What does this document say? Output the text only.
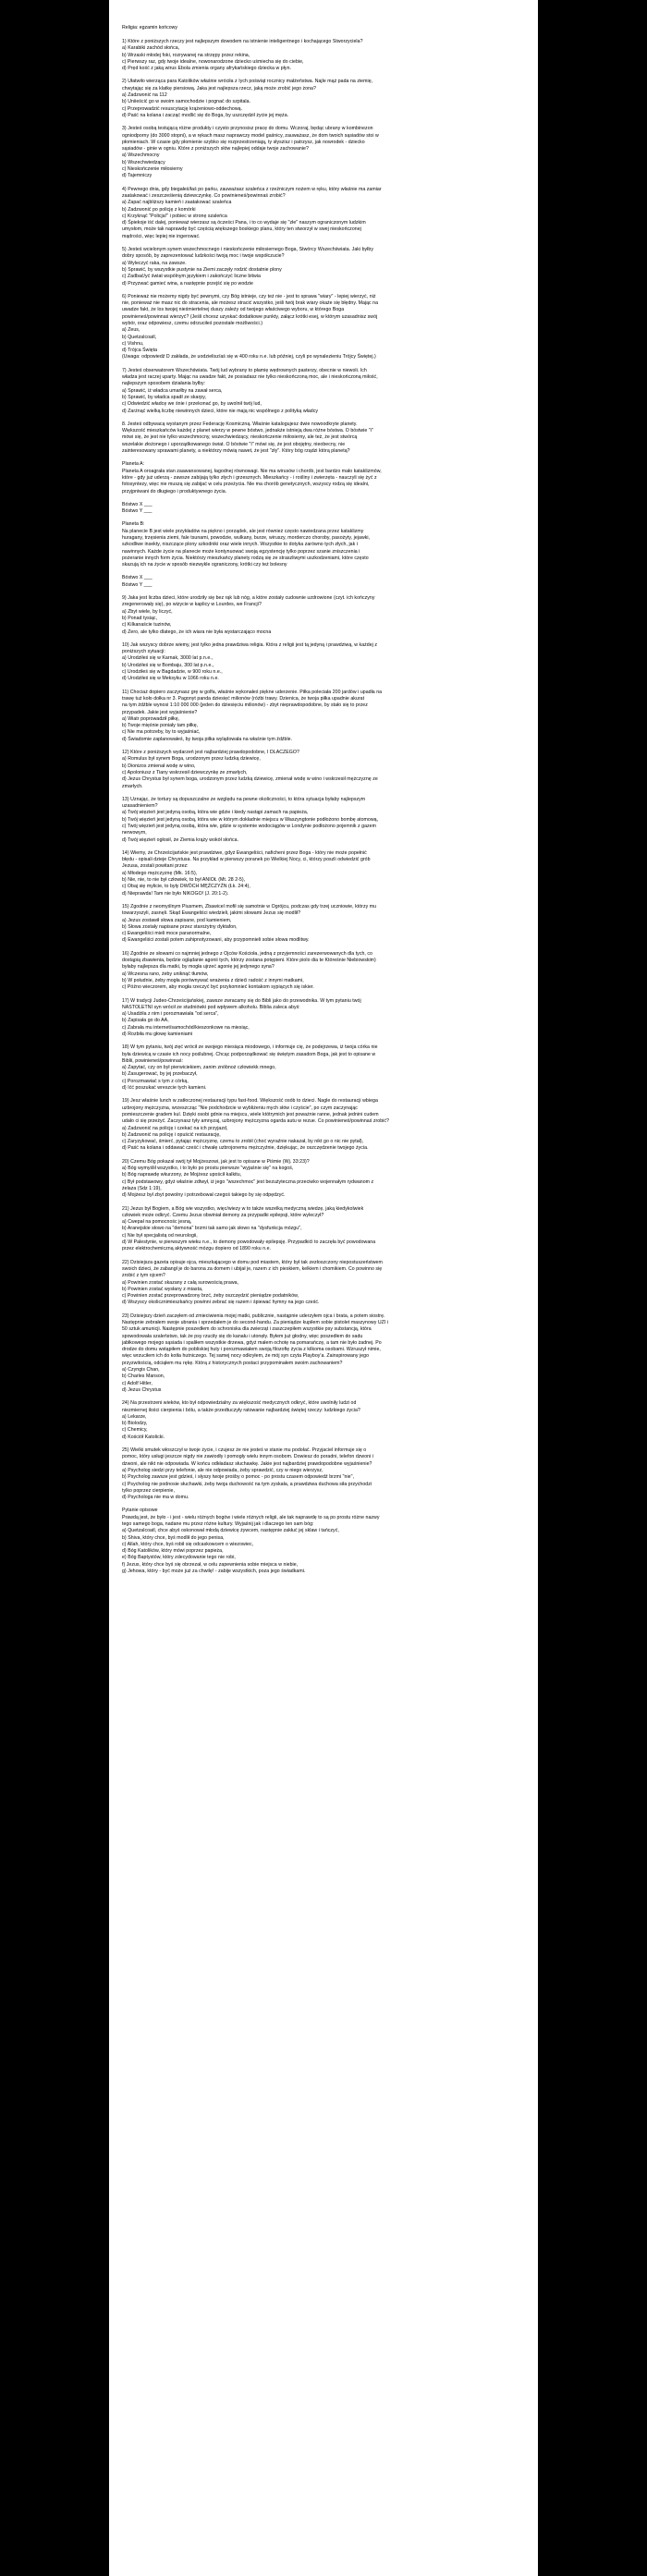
Religia: egzamin końcowy

1) Które z poniższych rzeczy jest najlepszym dowodem na istnienie inteligentnego i kochającego Stworzyciela?

a) Karabiki zachód słońca,

b) Wrzaski młodej foki, rozrywanej na strzępy przez rekina,

c) Pierwszy raz, gdy twoje idealne, nowonarodzone dziecko uśmiecha się do ciebie,

d) Pręd kość z jaką wirus Ebola zmienia organy afrykańskiego dziecka w płyn.

2) Ułatwiło wierząca para Katolików właśnie wróciła z Iych poświąt rocznicy małżeństwa. Najle mąż pada na ziemię,

chwytając się za klatkę piersiową. Jaka jest najlepsza rzecz, jaką może zrobić jego żona?

a) Zadzwonić na 112

b) Uniieścić go w swoim samochodzie i pognać do szpitala.

c) Przeprowadzić resuscytację krążeniowo-oddechową.

d) Paść na kolana i zacząć modlić się do Boga, by uszczędził życie jej męża.

3) Jesteś osobą testującą różne produkty i czysto przynosisz pracę do domu. Wczoraj, będąc ubrany w kombinezon

ogniodporny (do 3000 stopni), a w rękach masz naprawczy model gaśnicy, zauważasz, że dom twoich sąsiadów stoi w

płomieniach. W czasie gdy płomienie szybko się rozprzestrzeniają, ty słyszisz i patrzysz, jak nowrodek - dziecko

sąsiadów - ginie w ogniu. Które z poniższych słów najlepiej oddaje twoje zachowanie?

a) Wszechmocny

b) Wszechwiedzący

c) Nieskończenie miłosierny

d) Tajemniczy

4) Pewnego dnia, gdy biegałeś/łaś po parku, zauważasz szaleńca z rzeźniczym nożem w ręku, który właśnie ma zamiar

zaatakować i zeszcześienią dziewczynkę. Co powinieneś/powinnaś zrobić?

a) Zapać najbliższy kamień i zaatakować szaleńca

b) Zadzwonić po policję z komórki

c) Krzyknąć "Policja!" i pobiec w stronę szaleńca

d) Śpiekoje iść dalej, ponieważ wierzasz są ócześci Pana, i to co wydaje się "złe" naszym ograniczonym ludzkim

umysłom, może tak naprawdę być częścią większego boskiego planu, który ten stworzył w swej nieskończonej

mądrości, więc lepiej nie ingerować.

5) Jesteś wcielonym synem wszechmocnego i nieskończenie miłosiernego Boga, Stwórcy Wszechświata. Jaki byłby

dobry sposób, by zaprezentować ludzkości twoją moc i twoje współczucie?

a) Wyleczyć raka, na zawsze.

b) Sprawić, by wszystkie pustynie na Ziemi zaczęły rodzić dostatnie plony

c) Zadbać/yć świat wspólnym językiem i zakończyć liczne bitwia

d) Przyzwać gamieć wina, a następnie przejść się po wodzie

6) Ponieważ nie możemy nigdy być pewnymi, czy Bóg istnieje, czy też nie - jest to sprawa "wiary" - lepiej wierzyć, niż

nie, ponieważ nie masz nic do stracenia, ale możesz stracić wszystko, jeśli twój brak wiary okaże się błędny. Mając na

uwadze fakt, że los twojej nieśmiertelnej duszy zależy od twojego właściwego wyboru, w którego Boga

powinieneś/powinnaś wierzyć? (Jeśli chcesz uzyskać dodatkowe punkty, załącz krótki esej, w którym uzasadnisz swój

wybór, oraz odpowiesz, czemu odrzuciłeś pozostałe możliwości.)

a) Zeus,

b) Quetzalcoatl,

c) Vishnu,

d) Trójca Święta

(Uwaga: odpowiedź D zakłada, że uodzielisz/aś się w 400 roku n.e. lub później, czyli po wynalezieniu Trójcy Świętej.)

7) Jesteś obserwatorem Wszechświata. Twój lud wybrany to płamię wędrownych pasterzy, obecnie w niewoli. Ich

władza jest raczej uparty. Mając na uwadze fakt, że posiadasz nie tylko nieskończoną moc, ale i nieskończoną miłość,

najlepszym sposobem działania byłby:

a) Sprawić, iż władca umarłby na zawał serca,

b) Sprawić, by władca spadł ze skarpy,

c) Odwiedzić władcę we śnie i przekonać go, by uwolnił twój lud,

d) Zarżnąć wielką liczbę niewinnych dzieci, które nie mają nic wspólnego z polityką władcy

8. Jesteś odbywacą wystanym przez Federację Kosmiczną. Właśnie katalogujesz dwie nowoodkryte planety.

Większość mieszkańców każdej z planet wierzy w pewne bóstwo, jednakże istnieją dwa różne bóstwa. O bóstwie "i"

mówi się, że jest nie tylko wszechmocny, wszechwiedzący, nieskończenie miłosierny, ale też, że jest stwórcą

wszelakie złożonego i uporządkowanego świat. O bóstwie "I" mówi się, że jest obojętny, nieobecny, nie

zainteresowany sprawami planety, a niektórzy mówią nawet, że jest "zły". Który bóg rządzi którą planetą?

Planeta A:

Planeta A oroagrała stan zaawansowanej, łagodnej równowagi. Nie ma wirusów i chorób, jest bardzo mało kataklizmów,

które - gdy już uderzą - zawsze zabijają tylko złych i grzesznych. Mieszkańcy - i rośliny i zwierzęta - nauczyli się żyć z

fotosyntezy, więc nie muszą się zabijać w celu przeżycia. Nie ma chorób genetycznych, wszyscy rodzą się idealni,

przyjpniwani do długiego i produktywnego życia.

Bóstwo X ___

Bóstwo Y ___

Planeta B:

Na planecie B jest wiele przykładów na piękno i porządek, ale jest również często nawiedzana przez kataklizmy

huragany, trzęsienia ziemi, fale tsunami, powodzie, wulkany, burze, wiruszy, morderczo choroby, pasożyty, jejawki,

szkodliwe insekty, niszczące plony szkodniki oraz wiele innych. Wszystkie to dotyka zarówno tych złych, jak i

nawinnych. Każde życie na planecie może kontynuować swoją egzystencję tylko poprzez szanie zniszczenia i

pożeranie innych form życia. Niektórzy mieszkańcy planety rodzą się ze straszliwymi uszkodzeniami, które często

skazują ich na życie w sposób niezwykle ograniczony, krótki czy też bolesny

Bóstwo X ___

Bóstwo Y ___

9) Jaka jest liczba dzieci, które urodziły się bez rąk lub nóg, a które zostały cudownie uzdrowione (czyt. ich kończyny

zregenerowały się), po wizycie w kaplicy w Lourdes, we Francji?

a) Zbyt wiele, by liczyć,

b) Ponad tysiąc,

c) Kilkanaście tuzinów,

d) Zero, ale tylko dlatego, że ich wiara nie była wystarczająco mocna

10) Jak wszyscy dobrze wiemy, jest tylko jedna prawdziwa religia. Która z religii jest tą jedyną i prawdziwą, w każdej z

poniższych sytuacji:

a) Urodziłeś się w Karnak, 3000 lat p.n.e.,

b) Urodziłeś się w Bombaju, 300 lat p.n.e.,

c) Urodziłeś się w Bagdadzie, w 900 roku n.e.,

d) Urodziłeś się w Meksyku w 1066 roku n.e.

11) Chociaż dopiero zaczynasz grę w golfa, właśnie wykonałeś piękne uderzenie. Piłka poleciała 200 jardów i upadła na

trawę tuż koło dołka nr 3. Pagonyt panda dziesięć milionów (różbi trawy. Dzienica, że twoja piłka upadnie akurat

na tym źdźble wynosi 1:10 000 000 (jeden do dziesięciu milionów) - zbyt nieprawdopodobne, by stało się to przez

przypadek. Jakie jest wyjaśnienie?

a) Wiatr poprowadził piłkę,

b) Twoje mięśnie poniały tam piłkę,

c) Nie ma potrzeby, by to wyjaśniać,

d) Świadomie zaplanowałeś, by twoja piłka wylądowała na właśnie tym źdźble.

12) Które z poniższych wydarzeń jest najbardziej prawdopodobne, I DLACZEGO?

a) Romulus był synem Boga, urodzonym przez ludzką dziewicę,

b) Dionizos zmienał wodę w wino,

c) Apoloniusz z Tiany wskrzesił dziewczynkę ze zmarłych,

d) Jezus Chrystus był synem boga, urodzonym przez ludzką dziewicę, zmienał wodę w wino i wskrzesił mężczyznę ze

zmarłych.

13) Uznając, że tortury są dopuszczalne ze względu na pewne okoliczności, to która sytuacja byłaby najlepszym

uzasadnieniem?

a) Twój więzień jest jedyną osobą, która wie gdzie i kiedy nastąpi zamach na papieża,

b) Twój więzień jest jedyną osobą, która wie w którym dokładnie miejscu w Waszyngtonie podłożono bombę atomową,

c) Twój więzień jest jedyną osobą, która wie, gdzie w systemie wodociągów w Londynie podłożono pojemnik z gazem

nerwowym,

d) Twój więzień ogłosił, że Ziemia krąży wokół słońca.

14) Wiemy, że Chrześcijańskie jest prawdziwe, gdyż Ewangeliści, naficheni przez Boga - który nie może popełnić

błędu - opisali dzieje Chrystusa. Na przykład w pierwszy poranek po Wielkiej Nocy, ci, którzy poszli odwiedzić grób

Jezusa, zostali powitani przez:

a) Młodego mężczyznę (Mk. 16:5),

b) Nie, nie, to nie był człowiek, to był ANIOŁ (Mt. 28 2-5),

c) Obaj się mylicie, to były DWÓCH MĘŻCZYŹN (Łk. 24:4),

d) Nieprawda! Tam nie było NIKOGO! (J. 20:1-2).

15) Zgodnie z neomyślnym Piusmem, Zbawicel mofił się samotnie w Ogrójcu, podczas gdy trzej uczniowie, którzy mu

towarzyszyli, zasnęli. Skąd Ewangeliści wiedzieli, jakimi słowami Jezus się modlił?

a) Jezus zostawił słowa zapisane, pod kamieniem,

b) Słowa zostały napisane przez starożytny dyktafon,

c) Ewangeliści mieli moce paranormalne,

d) Ewangeliści zostali potem zahipnotyzowani, aby przypomnieli sobie słowa modlitwy.

16) Zgodnie ze słowami co najmniej jednego z Ojców Kościoła, jedną z przyjemności zarezerwowanych dla tych, co

dostąpią zbawienia, będzie oglądanie agonii tych, którzy zostana potępieni. Które piolo dia te Któreśnie Niebiowskim)

byłaby najlepsza dla matki, by mogła ujrzeć agonię jej jedynego syna?

a) Wczesna rano, żeby uniknąć tłumów,

b) W południe, żeby mogła porównywać wrażenia z dzieći radość z innymi matkami,

c) Późno wieczorem, aby mogła rzeczyć być przykomnieć kontakom sypiących się iskier.

17) W tradycji Judeo-Chrześcijańskiej, zawsze zwracamy się do Bibli jako do przewodnika. W tym pytaniu twój

NASTOLETNI syn wrócił ze studniówki pod wpływem alkoholu. Biblia zaleca abyś:

a) Usadżiła z nim i porozmawiała "od serca",

b) Zapisała go do AA,

c) Zabrała mu internet/samochód/kieszonkowe na miesiąc,

d) Rozbiła mu głowę kamieniami

18) W tym pytaniu, twój zięć wrócił ze swojego miesiąca miodowego, i informuje cię, że podejrzewa, iż twoja córka nie

była dziewicą w czasie ich nocy poślubnej. Chcąc podporządkować się świętym zasadom Boga, jak jest to opisane w

Biblii, powinieneś/powinnaś:

a) Zapytać, czy on był pierwiciekiem, zanim znóbnoż człowiekk mnego,

b) Zasugerować, by jej przebaczył,

c) Porozmawiać s tym z córką,

d) Ićć poszukać wreszcie tych kamieni.

19) Jesz właśnie lunch w zatłoczonej restauracji typu fast-food. Większość osób to dzieci. Nagle do restauracji wbiega

uzbrojony mężczyzna, wrzeszcząc "Nie podchodzcie w wybliżeniu mych słów i czyście", po czym zaczynając

pomieszczenie gradem kul. Dzięki osobi gdnie na miejscu, wiele któtrymich jest poważnie ranne, jednak jednini cudem

udało ci się przeżyć. Zaczynasz tyły amnyzaj, uzbrojony mężczyzna ogarda autu w rezue. Co powinieneś/powinnaś zrobić?

a) Zadzwonić na policję i czekać na ich przyjazd,

b) Zadzwonić na policję i opuścić restaurację,

c) Zaryzykować, śmierć, pytając mężczyznę, czemu to zrobił (choć wyraźnie nakazał, by nikt go o nic nie pytał),

d) Paść na kolana i oddawać cześć i chwałę uzbrojonemu mężczyźnie, dziękując, że oszczędzenie twojego życia.

20) Czemu Bóg pokazał swój tył Mojżeszowi, jak jest to opisane w Piśmie (Wj. 33:23)?

a) Bóg wymyślił wszystko, i to było po prostu pierwsze "wyjaśnie się" na kogoś,

b) Bóg naprawdę wkurzony, że Mojżesz upościł kalkitu,

c) Był podstawowy, gdyż właśnie zdtwył, iż jego "wszechmoc" jest bezużyteczna przeciwko wojennałym rydwanom z

żelaza (Sdz 1:19),

d) Mojżesz był zbyt powolny i potrzebował czegoś takiego by się odpędzyć.

21) Jezus był Bogiem, a Bóg wie wszystko, więc/wiezy w to także wszelką medyczną wiedzę, jaką kiedykolwiek

człowiek może odkryć. Czemu Jezus obwiniał demony za przypadki epilepsji, które wyleczył?

a) Cwepał na pomocnośc jesną,

b) Aranejskie słowo na "demona" brzmi tak samo jak słowo na "dysfunkcja mózgu",

c) Nie był specjalistą od neurologii,

d) W Palestynie, w pierwszym wieku n.e., to demony powodowały epilepsję. Przypadkići to zaczęła być powodowana

przez elektrochemiczną aktywność mózgu dopiero od 1890 roku n.e.

22) Dzisiejsza gazeta opisuje ojca, mieszkającego w domu pod miastem, który był tak zezłoszczony niepostuszeństwem

swoich dzieci, że zabangł je do barona za domem i ubijał je, razem z ich pieskiem, kelkiem i chomikiem. Co powinno się

zrobić z tym ojcem?

a) Powinien zostać skazany z całą surowością prawa,

b) Powinien zostać wysłany z miasta,

c) Powinien zostać przeprowadzony brzć, żeby oszczędzić pieniądze podatników,

d) Wszyscy okolicznimieszkańcy powinni zebrać się razem i śpiewać hymny na jego cześć.

23) Dzisiejszy dzień zaczęłem od zmieciwienia mojej matki, publicznie, nastąpnie uderzyłem ojca i brata, a potem siostrę.

Następnie zebrałem swoje ubrania i sprzedałem je do second-handu. Za pieniądze kupiłem sobie pistolet maszynowy UZI i

50 sztuk amunicji. Następnie poszedłem do schroniska dla zwierząt i zaszczepiłem wszystkie psy substancją, która

spowodowała szaleństwo, tak że psy rzuciły się do kanału i utonęły. Byłem już głodny, więc poszedłem do sadu

jabłkowego mojego sąsiada i spaliłem wszystkie drzewa, gdyż małem ochotę na pomarańczę, a tam nie było żadnej. Po

drodze do domu wstąpiłem do pobliskiej huty i porozmawiałem swoją filozofię życia z kilkoma osobami. Wzruszył nimie,

więc wrzuciłem ich do kotła hutniczego. Tej samej nocy odkryłem, że mój syn czyta Playboy'a. Zainspirowany jego

przyzwitością, odciąłem mu rękę. Którą z historycznych postaci przypominałem swoim zachowaniem?

a) Czyngis Chan,

b) Charles Manson,

c) Adolf Hitler,

d) Jezus Chrystus

24) Na przestrzeni wieków, kto był odpowiedzialny za większość medycznych odkryć, które uwolniły ludzi od

niezmiernej ilości cierpienia i bólu, a także przedtuczyły ratowanie najbardziej świętej rzeczy: ludzkiego życia?

a) Lekarze,

b) Biolodzy,

c) Chemicy,

d) Kościół Katolicki.

25) Wielki smutek włoszczył w twoje życie, i czujesz że nie jesteś w stanie mu podołać. Przyjaciel informuje się o

pomoc, który usługi jeszcze nigdy nie zawiodły i pomogły wielu innym osobom. Dowiesz do poradni, telefon dzwoni i

dzwoni, ale nikt nie odpowiada. W końcu odkładasz słuchawkę. Jakie jest najbardziej prawdopodobne wyjaśnienie?

a) Psycholog siedzi przy telefonie, ale nie odpowiada, żeby sprawdzić, czy w niego wierzysz,

b) Psycholog zawsze jest gdzieś, i słyszy twoje prośby o pomoc - po prostu czasem odpowiedź brzmi "nie",

c) Psycholog nie podnosie słuchawki, żeby twoja duchowość na tym zyskała, a prawdziwa duchowa siła przychodzi

tylko poprzez cierpienie,

d) Psychologa nie ma w domu.

Pytanie opisowe

Prawdą jest, że było - i jest - wielu różnych bogów i wiele różnych religii, ale tak naprawdę to są po prostu różne nazwy

tego samego boga, nadane mu przez różne kultury. Wyjaśnij jak i dlaczego ten sam bóg:

a) Quetzalcoatl, chce abyś oskonował młodą dziewicę żywcem, następnie zakłuć jej sklaw i tańczyć,

b) Shiva, który chce, byś modlił do jego penisa,

c) Allah, który chce, byś robił się odcaskowcem o wiezowiec,

d) Bóg Katolików, który mówi poprzez papieża,

e) Bóg Baptystów, który zdecydowanie tego nie robi,

f) Jezus, który chce byś się obrzezał, w celu zapewnienia sobie miejsca w niebie,

g) Jehowa, który - być może już za chwilę! - zabije wszystkich, poza jego świadkami.
